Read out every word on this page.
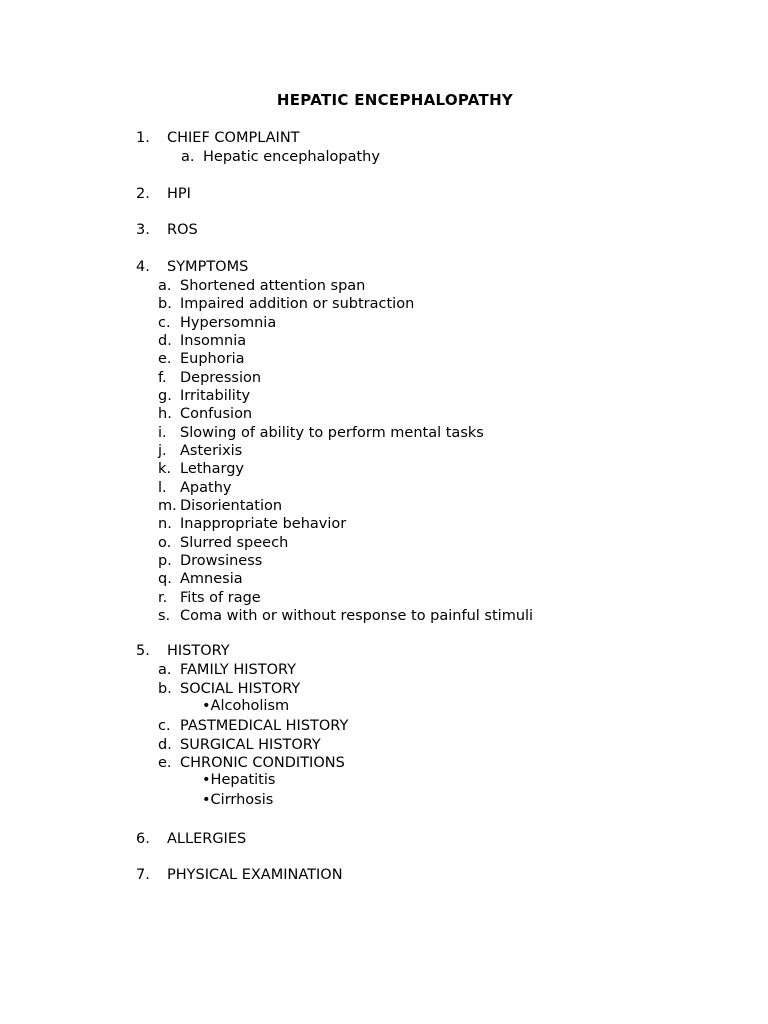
HEPATIC ENCEPHALOPATHY
1. CHIEF COMPLAINT
a. Hepatic encephalopathy
2. HPI
3. ROS
4. SYMPTOMS
a. Shortened attention span
b. Impaired addition or subtraction
c. Hypersomnia
d. Insomnia
e. Euphoria
f. Depression
g. Irritability
h. Confusion
i. Slowing of ability to perform mental tasks
j. Asterixis
k. Lethargy
l. Apathy
m. Disorientation
n. Inappropriate behavior
o. Slurred speech
p. Drowsiness
q. Amnesia
r. Fits of rage
s. Coma with or without response to painful stimuli
5. HISTORY
a. FAMILY HISTORY
b. SOCIAL HISTORY
•Alcoholism
c. PASTMEDICAL HISTORY
d. SURGICAL HISTORY
e. CHRONIC CONDITIONS
•Hepatitis
•Cirrhosis
6. ALLERGIES
7. PHYSICAL EXAMINATION
